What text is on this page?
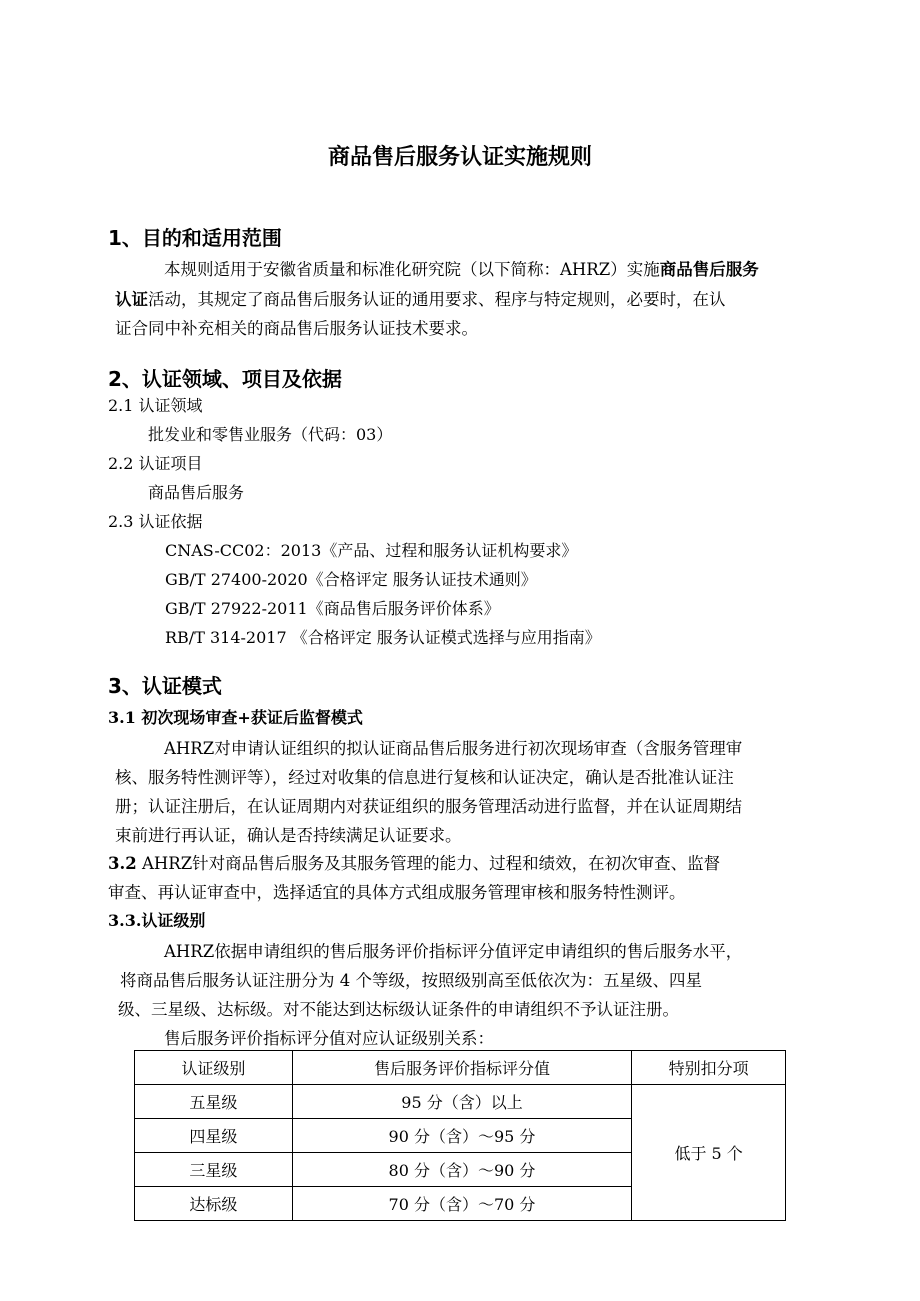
商品售后服务认证实施规则
1、目的和适用范围
本规则适用于安徽省质量和标准化研究院（以下简称：AHRZ）实施商品售后服务
认证活动，其规定了商品售后服务认证的通用要求、程序与特定规则，必要时，在认
证合同中补充相关的商品售后服务认证技术要求。
2、认证领域、项目及依据
2.1 认证领域
批发业和零售业服务（代码：03）
2.2 认证项目
商品售后服务
2.3 认证依据
CNAS-CC02：2013《产品、过程和服务认证机构要求》
GB/T 27400-2020《合格评定 服务认证技术通则》
GB/T 27922-2011《商品售后服务评价体系》
RB/T 314-2017 《合格评定 服务认证模式选择与应用指南》
3、认证模式
3.1 初次现场审查+获证后监督模式
AHRZ对申请认证组织的拟认证商品售后服务进行初次现场审查（含服务管理审
核、服务特性测评等），经过对收集的信息进行复核和认证决定，确认是否批准认证注
册；认证注册后，在认证周期内对获证组织的服务管理活动进行监督，并在认证周期结
束前进行再认证，确认是否持续满足认证要求。
3.2 AHRZ针对商品售后服务及其服务管理的能力、过程和绩效，在初次审查、监督
审查、再认证审查中，选择适宜的具体方式组成服务管理审核和服务特性测评。
3.3.认证级别
AHRZ依据申请组织的售后服务评价指标评分值评定申请组织的售后服务水平，
将商品售后服务认证注册分为 4 个等级，按照级别高至低依次为：五星级、四星
级、三星级、达标级。对不能达到达标级认证条件的申请组织不予认证注册。
售后服务评价指标评分值对应认证级别关系：
认证级别	售后服务评价指标评分值	特别扣分项
五星级	95 分（含）以上	低于 5 个
四星级	90 分（含）～95 分	
三星级	80 分（含）～90 分	
达标级	70 分（含）～70 分	
